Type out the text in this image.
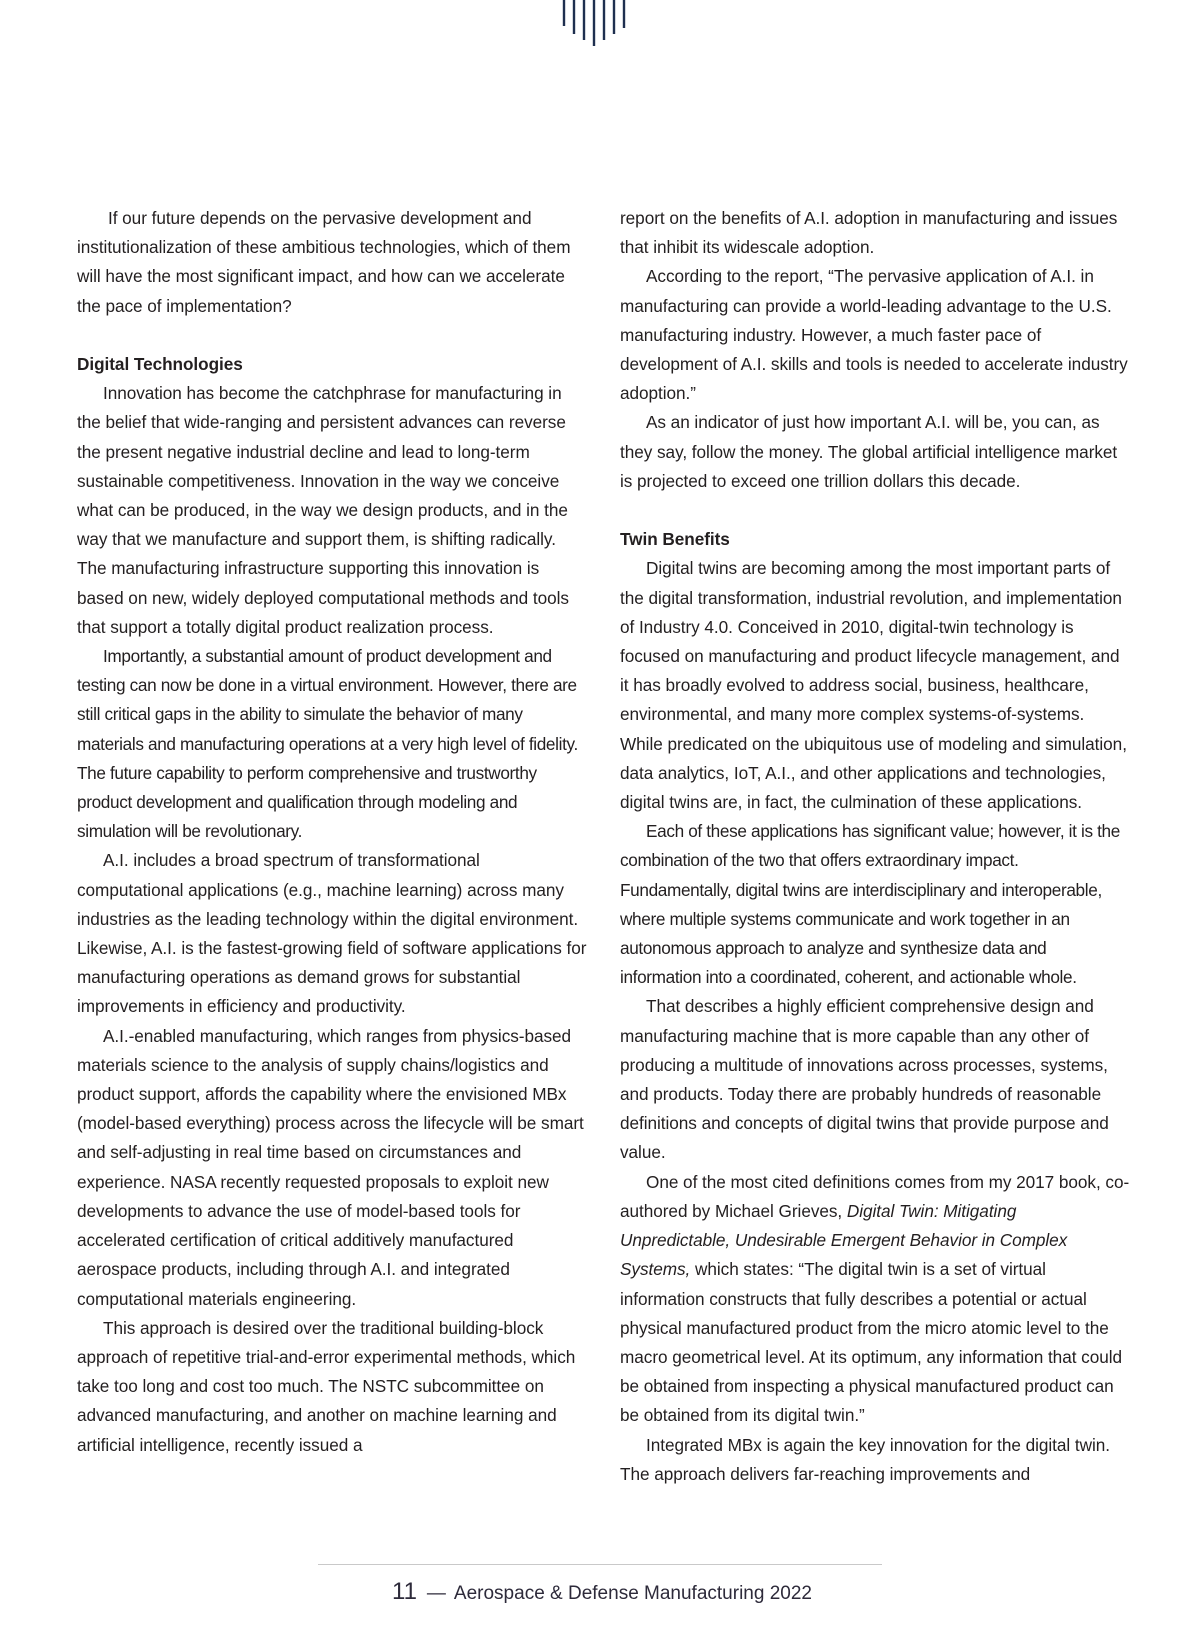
If our future depends on the pervasive development and institutionalization of these ambitious technologies, which of them will have the most significant impact, and how can we accelerate the pace of implementation?

Digital Technologies

Innovation has become the catchphrase for manufacturing in the belief that wide-ranging and persistent advances can reverse the present negative industrial decline and lead to long-term sustainable competitiveness. Innovation in the way we conceive what can be produced, in the way we design products, and in the way that we manufacture and support them, is shifting radically. The manufacturing infrastructure supporting this innovation is based on new, widely deployed computational methods and tools that support a totally digital product realization process.

Importantly, a substantial amount of product development and testing can now be done in a virtual environment. However, there are still critical gaps in the ability to simulate the behavior of many materials and manufacturing operations at a very high level of fidelity. The future capability to perform comprehensive and trustworthy product development and qualification through modeling and simulation will be revolutionary.

A.I. includes a broad spectrum of transformational computational applications (e.g., machine learning) across many industries as the leading technology within the digital environment. Likewise, A.I. is the fastest-growing field of software applications for manufacturing operations as demand grows for substantial improvements in efficiency and productivity.

A.I.-enabled manufacturing, which ranges from physics-based materials science to the analysis of supply chains/logistics and product support, affords the capability where the envisioned MBx (model-based everything) process across the lifecycle will be smart and self-adjusting in real time based on circumstances and experience. NASA recently requested proposals to exploit new developments to advance the use of model-based tools for accelerated certification of critical additively manufactured aerospace products, including through A.I. and integrated computational materials engineering.

This approach is desired over the traditional building-block approach of repetitive trial-and-error experimental methods, which take too long and cost too much. The NSTC subcommittee on advanced manufacturing, and another on machine learning and artificial intelligence, recently issued a

report on the benefits of A.I. adoption in manufacturing and issues that inhibit its widescale adoption.

According to the report, “The pervasive application of A.I. in manufacturing can provide a world-leading advantage to the U.S. manufacturing industry. However, a much faster pace of development of A.I. skills and tools is needed to accelerate industry adoption.”

As an indicator of just how important A.I. will be, you can, as they say, follow the money. The global artificial intelligence market is projected to exceed one trillion dollars this decade.

Twin Benefits

Digital twins are becoming among the most important parts of the digital transformation, industrial revolution, and implementation of Industry 4.0. Conceived in 2010, digital-twin technology is focused on manufacturing and product lifecycle management, and it has broadly evolved to address social, business, healthcare, environmental, and many more complex systems-of-systems. While predicated on the ubiquitous use of modeling and simulation, data analytics, IoT, A.I., and other applications and technologies, digital twins are, in fact, the culmination of these applications.

Each of these applications has significant value; however, it is the combination of the two that offers extraordinary impact. Fundamentally, digital twins are interdisciplinary and interoperable, where multiple systems communicate and work together in an autonomous approach to analyze and synthesize data and information into a coordinated, coherent, and actionable whole.

That describes a highly efficient comprehensive design and manufacturing machine that is more capable than any other of producing a multitude of innovations across processes, systems, and products. Today there are probably hundreds of reasonable definitions and concepts of digital twins that provide purpose and value.

One of the most cited definitions comes from my 2017 book, co-authored by Michael Grieves, Digital Twin: Mitigating Unpredictable, Undesirable Emergent Behavior in Complex Systems, which states: “The digital twin is a set of virtual information constructs that fully describes a potential or actual physical manufactured product from the micro atomic level to the macro geometrical level. At its optimum, any information that could be obtained from inspecting a physical manufactured product can be obtained from its digital twin.”

Integrated MBx is again the key innovation for the digital twin. The approach delivers far-reaching improvements and

11 — Aerospace & Defense Manufacturing 2022
